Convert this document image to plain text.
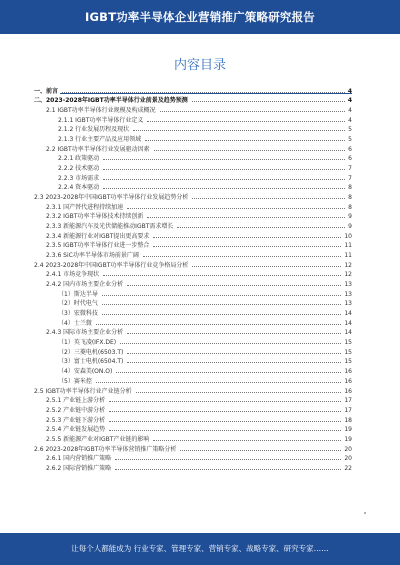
IGBT功率半导体企业营销推广策略研究报告
内容目录
一、前言	4
二、2023-2028年IGBT功率半导体行业前景及趋势预测	4
2.1 IGBT功率半导体行业规模及构成概况	4
2.1.1 IGBT功率半导体行业定义	4
2.1.2 行业发展历程及现状	5
2.1.3 行业主要产品及应用领域	5
2.2 IGBT功率半导体行业发展驱动因素	6
2.2.1 政策驱动	6
2.2.2 技术驱动	7
2.2.3 市场需求	7
2.2.4 资本驱动	8
2.3 2023-2028年中国IGBT功率半导体行业发展趋势分析	8
2.3.1 国产替代进程持续加速	8
2.3.2 IGBT功率半导体技术持续创新	9
2.3.3 新能源汽车及光伏储能推动IGBT需求增长	9
2.3.4 新能源行业对IGBT提出更高要求	10
2.3.5 IGBT功率半导体行业进一步整合	11
2.3.6 SiC功率半导体市场前景广阔	11
2.4 2023-2028年中国IGBT功率半导体行业竞争格局分析	12
2.4.1 市场竞争现状	12
2.4.2 国内市场主要企业分析	13
（1）斯达半导	13
（2）时代电气	13
（3）宏微科技	14
（4）士兰微	14
2.4.3 国际市场主要企业分析	14
（1）英飞凌(IFX.DE)	15
（2）三菱电机(6503.T)	15
（3）富士电机(6504.T)	15
（4）安森美(ON.O)	16
（5）赛米控	16
2.5 IGBT功率半导体行业产业链分析	16
2.5.1 产业链上游分析	17
2.5.2 产业链中游分析	17
2.5.3 产业链下游分析	18
2.5.4 产业链发展趋势	19
2.5.5 新能源产业对IGBT产业链的影响	19
2.6 2023-2028年IGBT功率半导体营销推广策略分析	20
2.6.1 国内营销推广策略	20
2.6.2 国际营销推广策略	22
让每个人都能成为 行业专家、管理专家、营销专家、战略专家、研究专家……
